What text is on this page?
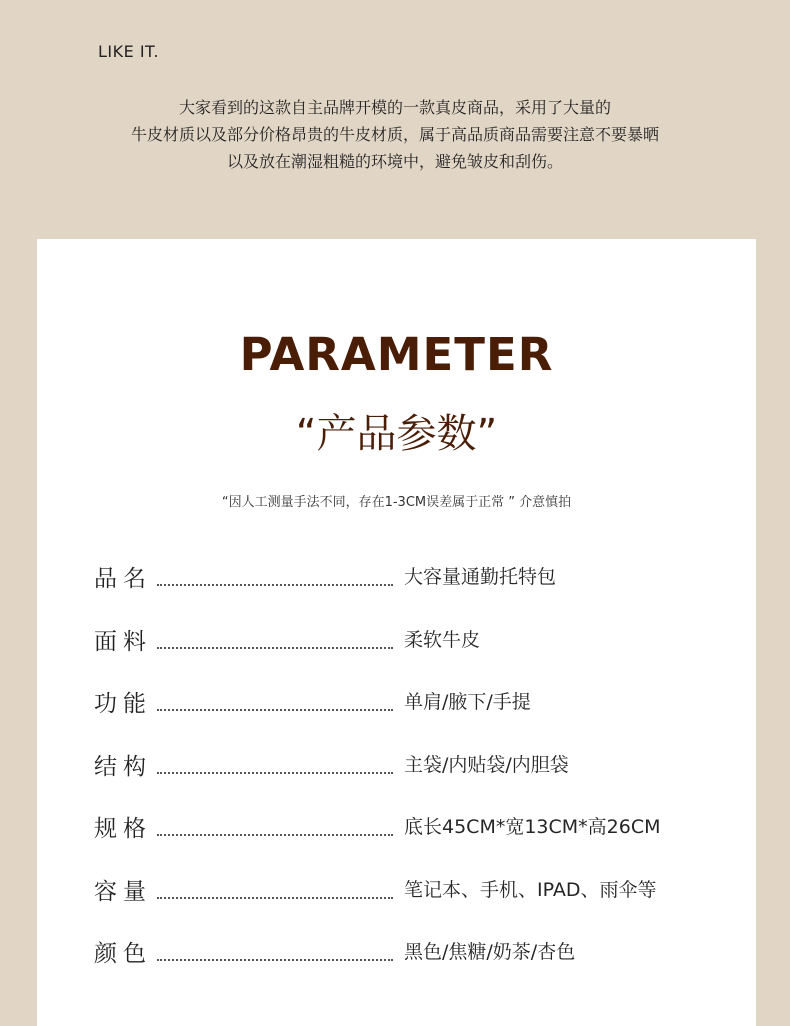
LIKE IT.
大家看到的这款自主品牌开模的一款真皮商品，采用了大量的
牛皮材质以及部分价格昂贵的牛皮材质，属于高品质商品需要注意不要暴晒
以及放在潮湿粗糙的环境中，避免皱皮和刮伤。
PARAMETER
“产品参数”
“因人工测量手法不同，存在1-3CM误差属于正常 ” 介意慎拍
品名	大容量通勤托特包
面料	柔软牛皮
功能	单肩/腋下/手提
结构	主袋/内贴袋/内胆袋
规格	底长45CM*宽13CM*高26CM
容量	笔记本、手机、IPAD、雨伞等
颜色	黑色/焦糖/奶茶/杏色
